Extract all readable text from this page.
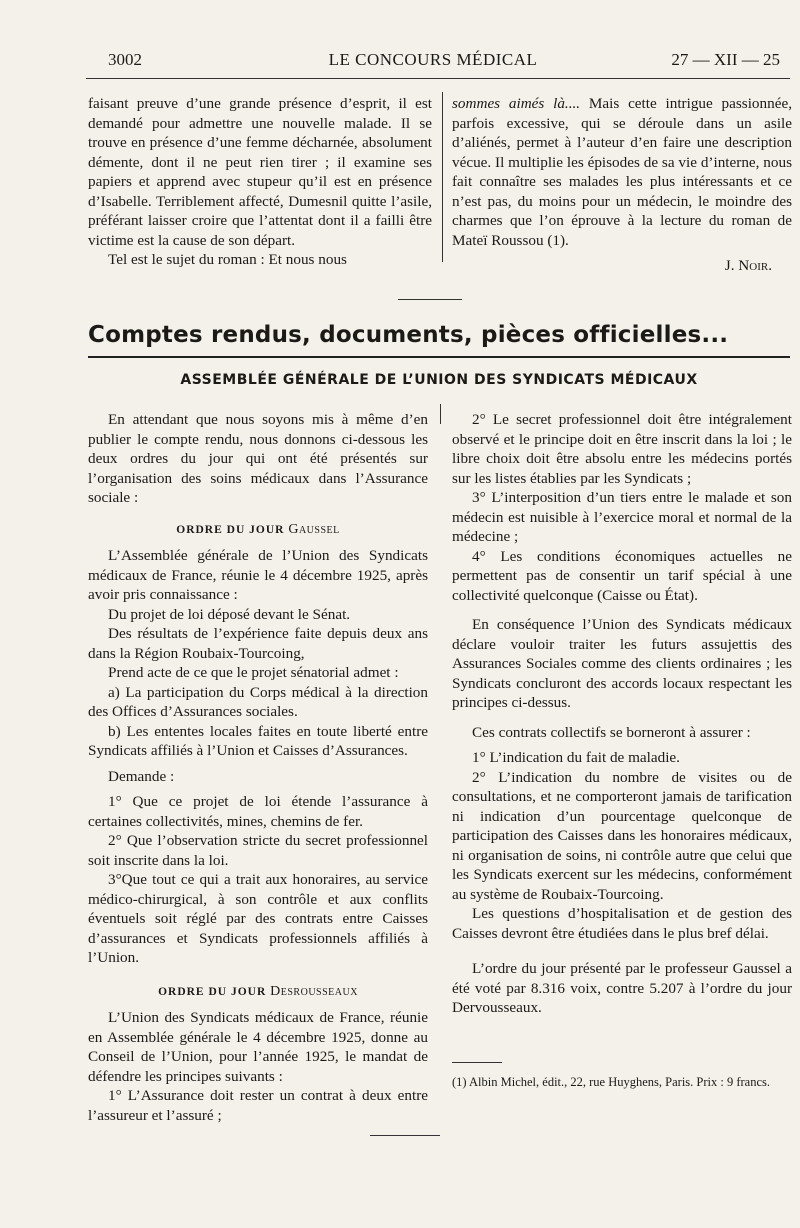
3002	LE CONCOURS MÉDICAL	27 — XII — 25

faisant preuve d’une grande présence d’esprit, il est demandé pour admettre une nouvelle malade. Il se trouve en présence d’une femme décharnée, absolument démente, dont il ne peut rien tirer ; il examine ses papiers et apprend avec stupeur qu’il est en présence d’Isabelle. Terriblement affecté, Dumesnil quitte l’asile, préférant laisser croire que l’attentat dont il a failli être victime est la cause de son départ.

Tel est le sujet du roman : Et nous nous

sommes aimés là.... Mais cette intrigue passionnée, parfois excessive, qui se déroule dans un asile d’aliénés, permet à l’auteur d’en faire une description vécue. Il multiplie les épisodes de sa vie d’interne, nous fait connaître ses malades les plus intéressants et ce n’est pas, du moins pour un médecin, le moindre des charmes que l’on éprouve à la lecture du roman de Mateï Roussou (1).

J. Noir.

Comptes rendus, documents, pièces officielles...
ASSEMBLÉE GÉNÉRALE DE L’UNION DES SYNDICATS MÉDICAUX

En attendant que nous soyons mis à même d’en publier le compte rendu, nous donnons ci-dessous les deux ordres du jour qui ont été présentés sur l’organisation des soins médicaux dans l’Assurance sociale :

ORDRE DU JOUR Gaussel

L’Assemblée générale de l’Union des Syndicats médicaux de France, réunie le 4 décembre 1925, après avoir pris connaissance :

Du projet de loi déposé devant le Sénat.

Des résultats de l’expérience faite depuis deux ans dans la Région Roubaix-Tourcoing,

Prend acte de ce que le projet sénatorial admet :

a) La participation du Corps médical à la direction des Offices d’Assurances sociales.

b) Les ententes locales faites en toute liberté entre Syndicats affiliés à l’Union et Caisses d’Assurances.

Demande :

1° Que ce projet de loi étende l’assurance à certaines collectivités, mines, chemins de fer.

2° Que l’observation stricte du secret professionnel soit inscrite dans la loi.

3°Que tout ce qui a trait aux honoraires, au service médico-chirurgical, à son contrôle et aux conflits éventuels soit réglé par des contrats entre Caisses d’assurances et Syndicats professionnels affiliés à l’Union.

ORDRE DU JOUR Desrousseaux

L’Union des Syndicats médicaux de France, réunie en Assemblée générale le 4 décembre 1925, donne au Conseil de l’Union, pour l’année 1925, le mandat de défendre les principes suivants :

1° L’Assurance doit rester un contrat à deux entre l’assureur et l’assuré ;

2° Le secret professionnel doit être intégralement observé et le principe doit en être inscrit dans la loi ; le libre choix doit être absolu entre les médecins portés sur les listes établies par les Syndicats ;

3° L’interposition d’un tiers entre le malade et son médecin est nuisible à l’exercice moral et normal de la médecine ;

4° Les conditions économiques actuelles ne permettent pas de consentir un tarif spécial à une collectivité quelconque (Caisse ou État).

En conséquence l’Union des Syndicats médicaux déclare vouloir traiter les futurs assujettis des Assurances Sociales comme des clients ordinaires ; les Syndicats concluront des accords locaux respectant les principes ci-dessus.

Ces contrats collectifs se borneront à assurer :

1° L’indication du fait de maladie.

2° L’indication du nombre de visites ou de consultations, et ne comporteront jamais de tarification ni indication d’un pourcentage quelconque de participation des Caisses dans les honoraires médicaux, ni organisation de soins, ni contrôle autre que celui que les Syndicats exercent sur les médecins, conformément au système de Roubaix-Tourcoing.

Les questions d’hospitalisation et de gestion des Caisses devront être étudiées dans le plus bref délai.

L’ordre du jour présenté par le professeur Gaussel a été voté par 8.316 voix, contre 5.207 à l’ordre du jour Dervousseaux.

(1) Albin Michel, édit., 22, rue Huyghens, Paris. Prix : 9 francs.
